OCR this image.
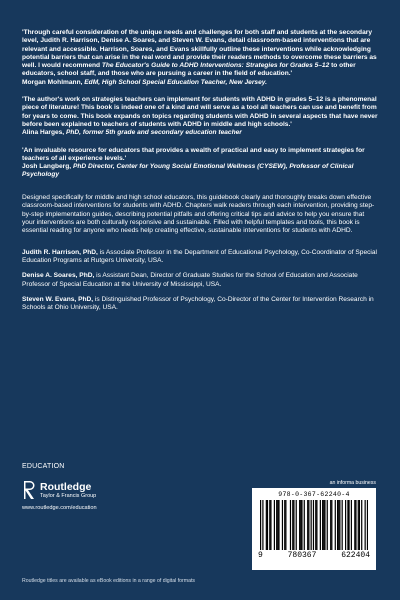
'Through careful consideration of the unique needs and challenges for both staff and students at the secondary level, Judith R. Harrison, Denise A. Soares, and Steven W. Evans, detail classroom-based interventions that are relevant and accessible. Harrison, Soares, and Evans skillfully outline these interventions while acknowledging potential barriers that can arise in the real word and provide their readers methods to overcome these barriers as well. I would recommend The Educator's Guide to ADHD Interventions: Strategies for Grades 5–12 to other educators, school staff, and those who are pursuing a career in the field of education.'
Morgan Mohlmann, EdM, High School Special Education Teacher, New Jersey.
'The author's work on strategies teachers can implement for students with ADHD in grades 5–12 is a phenomenal piece of literature! This book is indeed one of a kind and will serve as a tool all teachers can use and benefit from for years to come. This book expands on topics regarding students with ADHD in several aspects that have never before been explained to teachers of students with ADHD in middle and high schools.'
Alina Harges, PhD, former 5th grade and secondary education teacher
'An invaluable resource for educators that provides a wealth of practical and easy to implement strategies for teachers of all experience levels.'
Josh Langberg, PhD Director, Center for Young Social Emotional Wellness (CYSEW), Professor of Clinical Psychology
Designed specifically for middle and high school educators, this guidebook clearly and thoroughly breaks down effective classroom-based interventions for students with ADHD. Chapters walk readers through each intervention, providing step-by-step implementation guides, describing potential pitfalls and offering critical tips and advice to help you ensure that your interventions are both culturally responsive and sustainable. Filled with helpful templates and tools, this book is essential reading for anyone who needs help creating effective, sustainable interventions for students with ADHD.
Judith R. Harrison, PhD, is Associate Professor in the Department of Educational Psychology, Co-Coordinator of Special Education Programs at Rutgers University, USA.
Denise A. Soares, PhD, is Assistant Dean, Director of Graduate Studies for the School of Education and Associate Professor of Special Education at the University of Mississippi, USA.
Steven W. Evans, PhD, is Distinguished Professor of Psychology, Co-Director of the Center for Intervention Research in Schools at Ohio University, USA.
EDUCATION
Routledge
Taylor & Francis Group
www.routledge.com/education
an informa business
978-0-367-62240-4
9	780367	622404
Routledge titles are available as eBook editions in a range of digital formats
